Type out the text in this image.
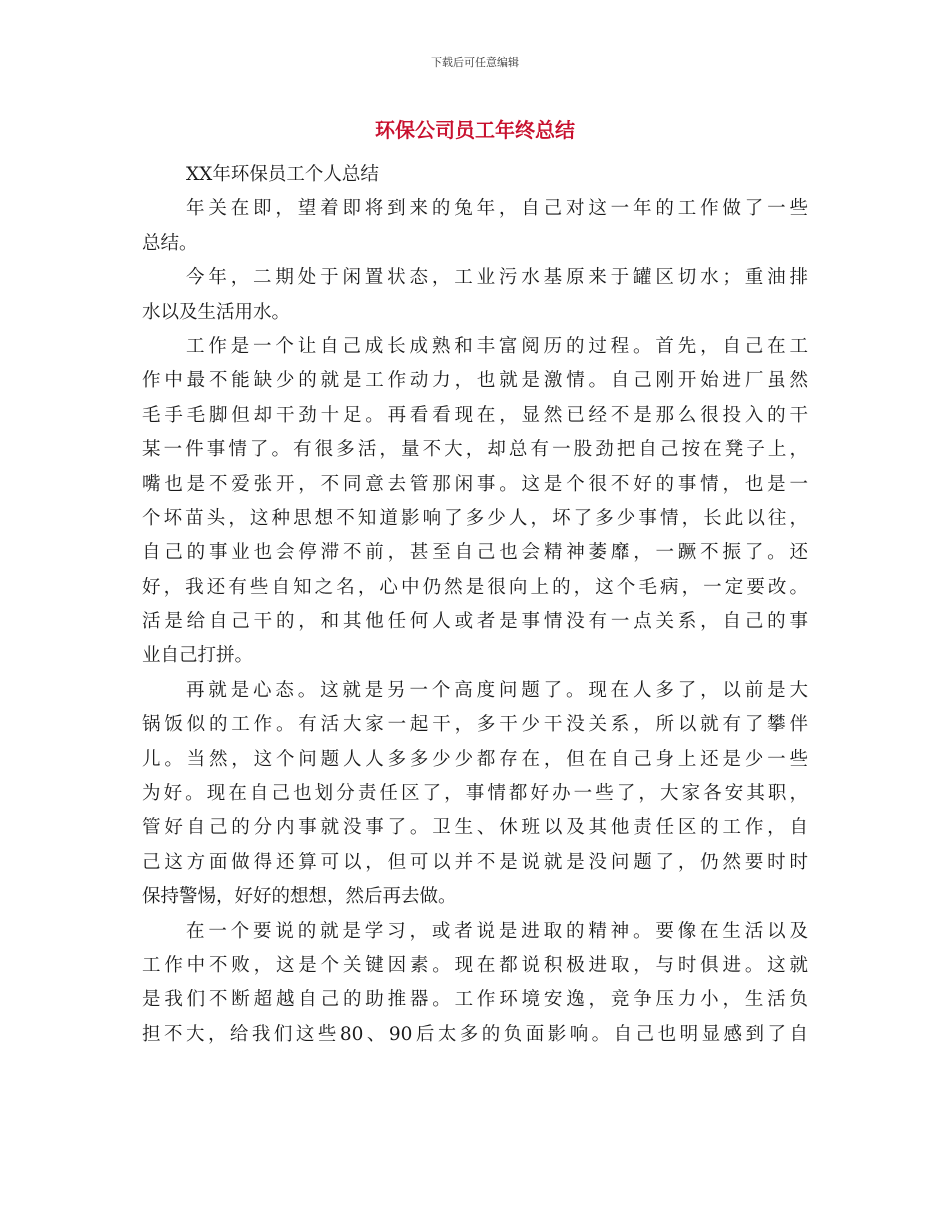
下载后可任意编辑
环保公司员工年终总结
XX年环保员工个人总结
年关在即，望着即将到来的兔年，自己对这一年的工作做了一些
总结。
今年，二期处于闲置状态，工业污水基原来于罐区切水；重油排
水以及生活用水。
工作是一个让自己成长成熟和丰富阅历的过程。首先，自己在工
作中最不能缺少的就是工作动力，也就是激情。自己刚开始进厂虽然
毛手毛脚但却干劲十足。再看看现在，显然已经不是那么很投入的干
某一件事情了。有很多活，量不大，却总有一股劲把自己按在凳子上，
嘴也是不爱张开，不同意去管那闲事。这是个很不好的事情，也是一
个坏苗头，这种思想不知道影响了多少人，坏了多少事情，长此以往，
自己的事业也会停滞不前，甚至自己也会精神萎靡，一蹶不振了。还
好，我还有些自知之名，心中仍然是很向上的，这个毛病，一定要改。
活是给自己干的，和其他任何人或者是事情没有一点关系，自己的事
业自己打拼。
再就是心态。这就是另一个高度问题了。现在人多了，以前是大
锅饭似的工作。有活大家一起干，多干少干没关系，所以就有了攀伴
儿。当然，这个问题人人多多少少都存在，但在自己身上还是少一些
为好。现在自己也划分责任区了，事情都好办一些了，大家各安其职，
管好自己的分内事就没事了。卫生、休班以及其他责任区的工作，自
己这方面做得还算可以，但可以并不是说就是没问题了，仍然要时时
保持警惕，好好的想想，然后再去做。
在一个要说的就是学习，或者说是进取的精神。要像在生活以及
工作中不败，这是个关键因素。现在都说积极进取，与时俱进。这就
是我们不断超越自己的助推器。工作环境安逸，竞争压力小，生活负
担不大，给我们这些80、90后太多的负面影响。自己也明显感到了自
